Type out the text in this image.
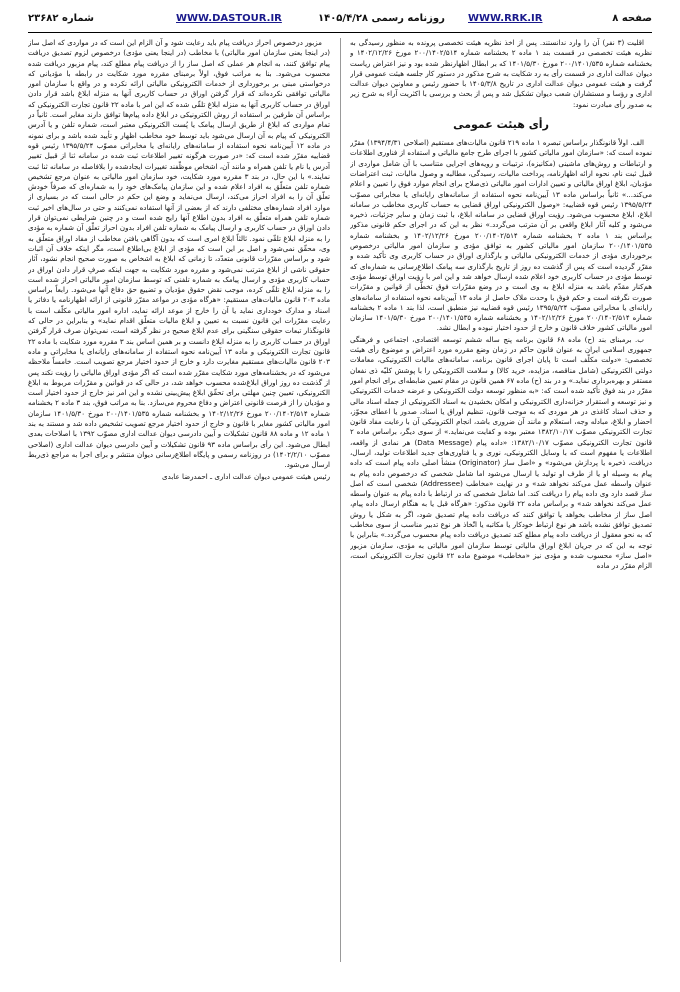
شماره ۲۳۶۸۲	WWW.DASTOUR.IR	روزنامه رسمی ۱۴۰۵/۴/۲۸ WWW.RRK.IR	صفحه ۸

اقلیت (۳ نفر) آن را وارد ندانستند. پس از اخذ نظریه هیئت تخصصی پرونده به منظور رسیدگی به نظریه هیئت تخصصی در قسمت بند ۱ ماده ۲ بخشنامه شماره ۲۰۰/۱۴۰۲/۵۱۴ مورخ ۱۴۰۲/۱۲/۲۶ و بخشنامه شماره ۲۰۰/۱۴۰۱/۵۳۵ مورخ ۱۴۰۱/۵/۳۰ که بر ابطال اظهارنظر شده بود و نیز اعتراض ریاست دیوان عدالت اداری در قسمت رأی به رد شکایت به شرح مذکور در دستور کار جلسه هیئت عمومی قرار گرفت و هیئت عمومی دیوان عدالت اداری در تاریخ ۱۴۰۵/۳/۸ با حضور رئیس و معاونین دیوان عدالت اداری و رؤسا و مستشاران شعب دیوان تشکیل شد و پس از بحث و بررسی با اکثریت آراء به شرح زیر به صدور رأی مبادرت نمود:

رأی هیئت عمومی

الف. اولاً قانونگذار براساس تبصره ۱ ماده ۲۱۹ قانون مالیات‌های مستقیم (اصلاحی ۱۳۹۴/۴/۳۱) مقرّر نموده است که: «سازمان امور مالیاتی کشور با اجرای طرح جامع مالیاتی و استفاده از فناوری اطلاعات و ارتباطات و روش‌های ماشینی (مکانیزه)، ترتیبات و رویه‌های اجرایی متناسب با آن شامل مواردی از قبیل ثبت نام، نحوه ارائه اظهارنامه، پرداخت مالیات، رسیدگی، مطالبه و وصول مالیات، ثبت اعتراضات مؤدیان، ابلاغ اوراق مالیاتی و تعیین ادارات امور مالیاتی ذی‌صلاح برای انجام موارد فوق را تعیین و اعلام می‌کند...» ثانیاً براساس ماده ۱۳ آیین‌نامه نحوه استفاده از سامانه‌های رایانه‌ای یا مخابراتی مصوّب ۱۳۹۵/۵/۲۴ رئیس قوه قضاییه: «وصول الکترونیکی اوراق قضایی به حساب کاربری مخاطب در سامانه ابلاغ، ابلاغ محسوب می‌شود. رؤیت اوراق قضایی در سامانه ابلاغ، با ثبت زمان و سایر جزئیات، ذخیره می‌شود و کلیه آثار ابلاغ واقعی بر آن مترتب می‌گردد.» نظر به این که در اجرای حکم قانونی مذکور براساس بند ۱ ماده ۲ بخشنامه شماره ۲۰۰/۱۴۰۲/۵۱۴ مورخ ۱۴۰۲/۱۲/۲۶ و بخشنامه شماره ۲۰۰/۱۴۰۱/۵۳۵ سازمان امور مالیاتی کشور به توافق مؤدی و سازمان امور مالیاتی درخصوص برخورداری مؤدی از خدمات الکترونیکی مالیاتی و بارگذاری اوراق در حساب کاربری وی تأکید شده و مقرّر گردیده است که پس از گذشت ده روز از تاریخ بارگذاری سه پیامک اطلاع‌رسانی به شماره‌ای که توسط مؤدی در حساب کاربری خود اعلام شده ارسال خواهد شد و این امر با رؤیت اوراق توسط مؤدی هم‌کنار مقدّم باشد به منزله ابلاغ به وی است و در وضع مقرّرات فوق تخطّی از قوانین و مقرّرات صورت نگرفته است و حکم فوق با وحدت ملاک حاصل از ماده ۱۳ آیین‌نامه نحوه استفاده از سامانه‌های رایانه‌ای یا مخابراتی مصوّب ۱۳۹۵/۵/۲۴ رئیس قوه قضاییه نیز منطبق است، لذا بند ۱ ماده ۲ بخشنامه شماره ۲۰۰/۱۴۰۲/۵۱۴ مورخ ۱۴۰۲/۱۲/۲۶ و بخشنامه شماره ۲۰۰/۱۴۰۱/۵۳۵ مورخ ۱۴۰۱/۵/۳۰ سازمان امور مالیاتی کشور خلاف قانون و خارج از حدود اختیار نبوده و ابطال نشد.

ب. برمبنای بند (ح) ماده ۶۸ قانون برنامه پنج ساله ششم توسعه اقتصادی، اجتماعی و فرهنگی جمهوری اسلامی ایران به عنوان قانون حاکم در زمان وضع مقرره مورد اعتراض و موضوع رأی هیئت تخصصی: «دولت مکلّف است تا پایان اجرای قانون برنامه، سامانه‌های مالیات الکترونیکی، معاملات دولتی الکترونیکی (شامل مناقصه، مزایده، خرید کالا) و سلامت الکترونیکی را با پوشش کلیّه ذی نفعان مستقر و بهره‌برداری نماید.» و در بند (ح) ماده ۶۷ همین قانون در مقام تعیین ضابطه‌ای برای انجام امور مقرّر در بند فوق تأکید شده است که: «به منظور توسعه دولت الکترونیکی و عرضه خدمات الکترونیکی و نیز توسعه و استقرار خزانه‌داری الکترونیکی و امکان بخشیدن به اسناد الکترونیکی از جمله اسناد مالی و حذف اسناد کاغذی در هر موردی که به موجب قانون، تنظیم اوراق یا اسناد، صدور یا اعطای مجوّز، احضار و ابلاغ، مبادله وجه، استعلام و مانند آن ضروری باشد، انجام الکترونیکی آن با رعایت مفاد قانون تجارت الکترونیکی مصوّب ۱۳۸۲/۱۰/۱۷ معتبر بوده و کفایت می‌نماید.» از سوی دیگر، براساس ماده ۲ قانون تجارت الکترونیکی مصوّب ۱۳۸۲/۱۰/۱۷: «داده پیام (Data Message) هر نمادی از واقعه، اطلاعات یا مفهوم است که با وسایل الکترونیکی، نوری و یا فناوری‌های جدید اطلاعات تولید، ارسال، دریافت، ذخیره یا پردازش می‌شود» و «اصل ساز (Originator) منشأ اصلی داده پیام است که داده پیام به وسیله او یا از طرف او تولید یا ارسال می‌شود اما شامل شخصی که درخصوص داده پیام به عنوان واسطه عمل می‌کند نخواهد شد» و در نهایت «مخاطب (Addressee) شخصی است که اصل ساز قصد دارد وی داده پیام را دریافت کند. اما شامل شخصی که در ارتباط با داده پیام به عنوان واسطه عمل می‌کند نخواهد شد» و براساس ماده ۲۲ قانون مذکور: «هرگاه قبل یا به هنگام ارسال داده پیام، اصل ساز از مخاطب بخواهد یا توافق کنند که دریافت داده پیام تصدیق شود، اگر به شکل یا روش تصدیق توافق نشده باشد هر نوع ارتباط خودکار یا مکاتبه یا اتّخاذ هر نوع تدبیر مناسب از سوی مخاطب که به نحو معقول از دریافت داده پیام مطلع کند تصدیق دریافت داده پیام محسوب می‌گردد.» بنابراین با توجه به این که در جریان ابلاغ اوراق مالیاتی توسط سازمان امور مالیاتی به مؤدی، سازمان مزبور «اصل ساز» محسوب شده و مؤدی نیز «مخاطب» موضوع ماده ۲۲ قانون تجارت الکترونیکی است، الزام مقرّر در ماده

مزبور درخصوص احراز دریافت پیام باید رعایت شود و آن الزام این است که در مواردی که اصل ساز (در اینجا یعنی سازمان امور مالیاتی) با مخاطب (در اینجا یعنی مؤدی) درخصوص لزوم تصدیق دریافت پیام توافق کنند، به انجام هر عملی که اصل ساز را از دریافت پیام مطلع کند، پیام مزبور دریافت شده محسوب می‌شود. بنا به مراتب فوق، اولاً برمبنای مقرره مورد شکایت در رابطه با مؤدیانی که درخواستی مبنی بر برخورداری از خدمات الکترونیکی مالیاتی ارائه نکرده و در واقع با سازمان امور مالیاتی توافقی نکرده‌اند که قرار گرفتن اوراق در حساب کاربری آنها به منزله ابلاغ باشد قرار دادن اوراق در حساب کاربری آنها به منزله ابلاغ تلقّی شده که این امر با ماده ۲۲ قانون تجارت الکترونیکی که براساس آن طرفین بر استفاده از روش الکترونیکی در ابلاغ داده پیام‌ها توافق دارند مغایر است. ثانیاً در تمام مواردی که ابلاغ از طریق ارسال پیامک یا پُست الکترونیکی معتبر است، شماره تلفن و یا آدرس الکترونیکی که پیام به آن ارسال می‌شود باید توسط خود مخاطب اظهار و تأیید شده باشد و برای نمونه در ماده ۱۲ آیین‌نامه نحوه استفاده از سامانه‌های رایانه‌ای یا مخابراتی مصوّب ۱۳۹۵/۵/۲۴ رئیس قوه قضاییه مقرّر شده است که: «در صورت هرگونه تغییر اطلاعات ثبت شده در سامانه ثنا از قبیل تغییر آدرس یا نام یا تلفن همراه و مانند آن، اشخاص موظّفند تغییرات ایجادشده را بلافاصله در سامانه ثنا ثبت نمایند.» با این حال، در بند ۳ مقرره مورد شکایت، خود سازمان امور مالیاتی به عنوان مرجع تشخیص شماره تلفن متعلّق به افراد اعلام شده و این سازمان پیامک‌های خود را به شماره‌ای که صرفاً خودش تعلّق آن را به افراد احراز می‌کند، ارسال می‌نماید و وضع این حکم در حالی است که در بسیاری از موارد افراد شماره‌های مختلفی دارند که از بعضی از آنها استفاده نمی‌کنند و حتی در سال‌های اخیر ثبت شماره تلفن همراه متعلّق به افراد بدون اطلاع آنها رایج شده است و در چنین شرایطی نمی‌توان قرار دادن اوراق در حساب کاربری و ارسال پیامک به شماره تلفن افراد بدون احراز تعلّق آن شماره به مؤدی را به منزله ابلاغ تلقّی نمود. ثالثاً ابلاغ امری است که بدون آگاهی یافتن مخاطب از مفاد اوراق متعلّق به وی، محقّق نمی‌شود و اصل بر این است که مؤدی از ابلاغ بی‌اطلاع است، مگر اینکه خلاف آن اثبات شود و براساس مقرّرات قانونی متعدّد، تا زمانی که ابلاغ به اشخاص به صورت صحیح انجام نشود، آثار حقوقی ناشی از ابلاغ مترتب نمی‌شود و مقرره مورد شکایت به جهت اینکه صرفِ قرار دادن اوراق در حساب کاربری مؤدی و ارسال پیامک به شماره تلفنی که توسط سازمان امور مالیاتی احراز شده است را به منزله ابلاغ تلقّی کرده، موجب نقض حقوق مؤدیان و تضییع حق دفاع آنها می‌شود. رابعاً براساس ماده ۲۰۳ قانون مالیات‌های مستقیم: «هرگاه مؤدی در مواعد مقرّر قانونی از ارائه اظهارنامه یا دفاتر یا اسناد و مدارک خودداری نماید یا آن را خارج از موعد ارائه نماید، اداره امور مالیاتی مکلّف است با رعایت مقرّرات این قانون نسبت به تعیین و ابلاغ مالیات متعلّق اقدام نماید» و بنابراین در حالی که قانونگذار تبعات حقوقی سنگینی برای عدم ابلاغ صحیح در نظر گرفته است، نمی‌توان صرف قرار گرفتن اوراق در حساب کاربری را به منزله ابلاغ دانست و بر همین اساس بند ۳ مقرره مورد شکایت با ماده ۲۲ قانون تجارت الکترونیکی و ماده ۱۳ آیین‌نامه نحوه استفاده از سامانه‌های رایانه‌ای یا مخابراتی و ماده ۲۰۳ قانون مالیات‌های مستقیم مغایرت دارد و خارج از حدود اختیار مرجع تصویب است. خامساً ملاحظه می‌شود که در بخشنامه‌های مورد شکایت مقرّر شده است که اگر مؤدی اوراق مالیاتی را رؤیت نکند پس از گذشت ده روز اوراق ابلاغ‌شده محسوب خواهد شد، در حالی که در قوانین و مقرّرات مربوط به ابلاغ الکترونیکی، تعیین چنین مهلتی برای تحقّق ابلاغ پیش‌بینی نشده و این امر نیز خارج از حدود اختیار است و مؤدیان را از فرصت قانونی اعتراض و دفاع محروم می‌سازد. بنا به مراتب فوق، بند ۳ ماده ۲ بخشنامه شماره ۲۰۰/۱۴۰۲/۵۱۴ مورخ ۱۴۰۲/۱۲/۲۶ و بخشنامه شماره ۲۰۰/۱۴۰۱/۵۳۵ مورخ ۱۴۰۱/۵/۳۰ سازمان امور مالیاتی کشور مغایر با قانون و خارج از حدود اختیار مرجع تصویب تشخیص داده شد و مستند به بند ۱ ماده ۱۲ و ماده ۸۸ قانون تشکیلات و آیین دادرسی دیوان عدالت اداری مصوّب ۱۳۹۲ با اصلاحات بعدی ابطال می‌شود. این رأی براساس ماده ۹۳ قانون تشکیلات و آیین دادرسی دیوان عدالت اداری (اصلاحی مصوّب ۱۴۰۲/۲/۱۰) در روزنامه رسمی و پایگاه اطلاع‌رسانی دیوان منتشر و برای اجرا به مراجع ذی‌ربط ارسال می‌شود.

رئیس هیئت عمومی دیوان عدالت اداری ـ احمدرضا عابدی
